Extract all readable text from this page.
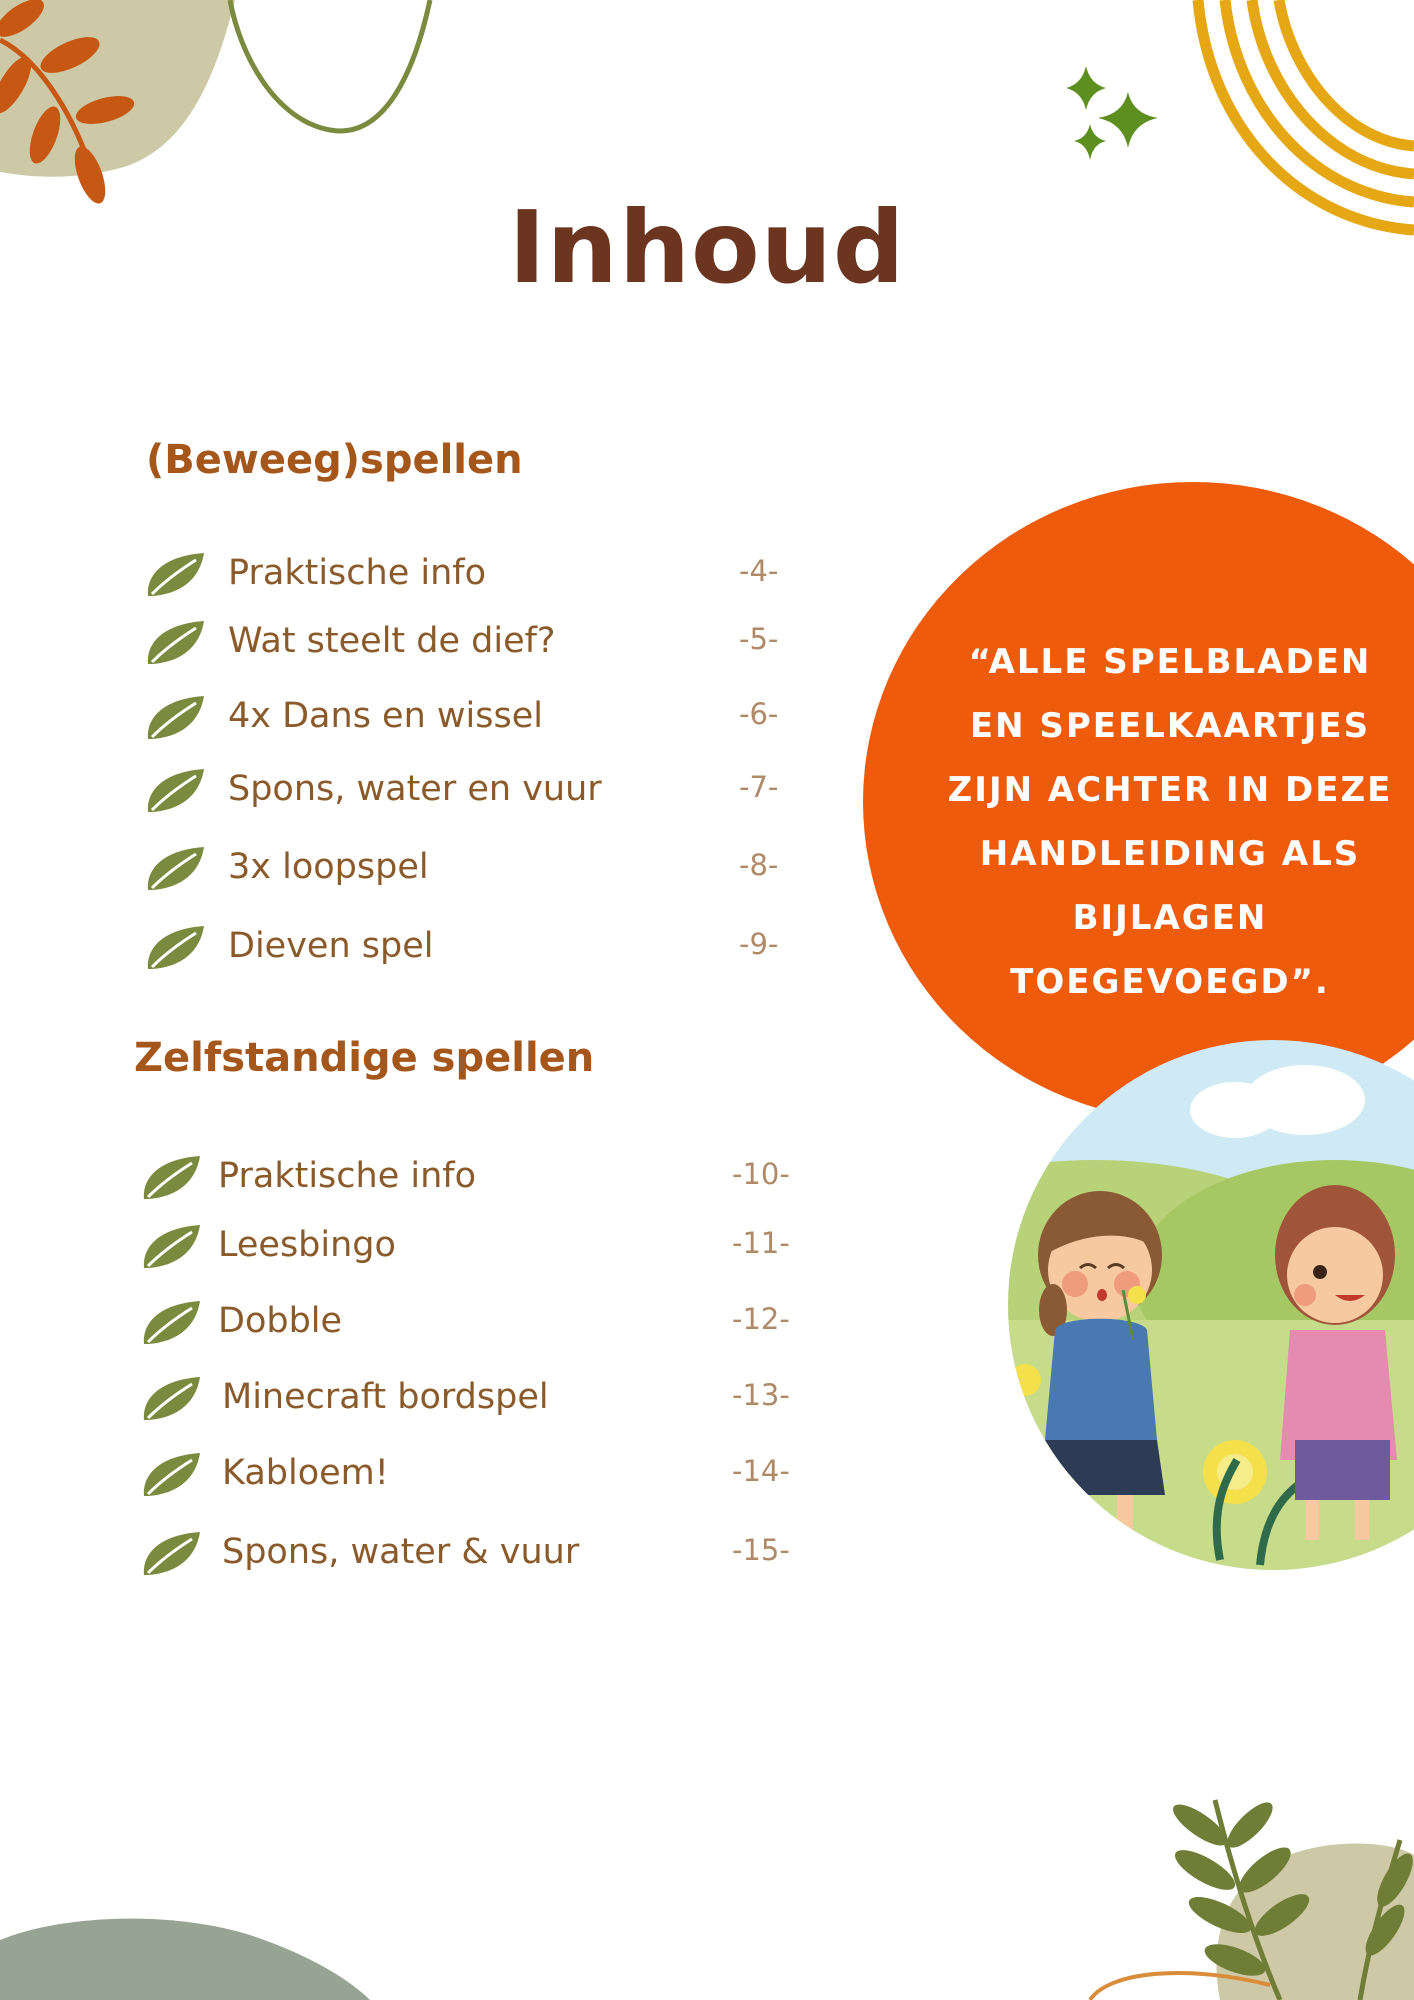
Inhoud
(Beweeg)spellen
Zelfstandige spellen
Praktische info	-4-
Wat steelt de dief?	-5-
4x Dans en wissel	-6-
Spons, water en vuur	-7-
3x loopspel	-8-
Dieven spel	-9-
Praktische info	-10-
Leesbingo	-11-
Dobble	-12-
Minecraft bordspel	-13-
Kabloem!	-14-
Spons, water & vuur	-15-
“ALLE SPELBLADEN
EN SPEELKAARTJES
ZIJN ACHTER IN DEZE
HANDLEIDING ALS
BIJLAGEN
TOEGEVOEGD”.
